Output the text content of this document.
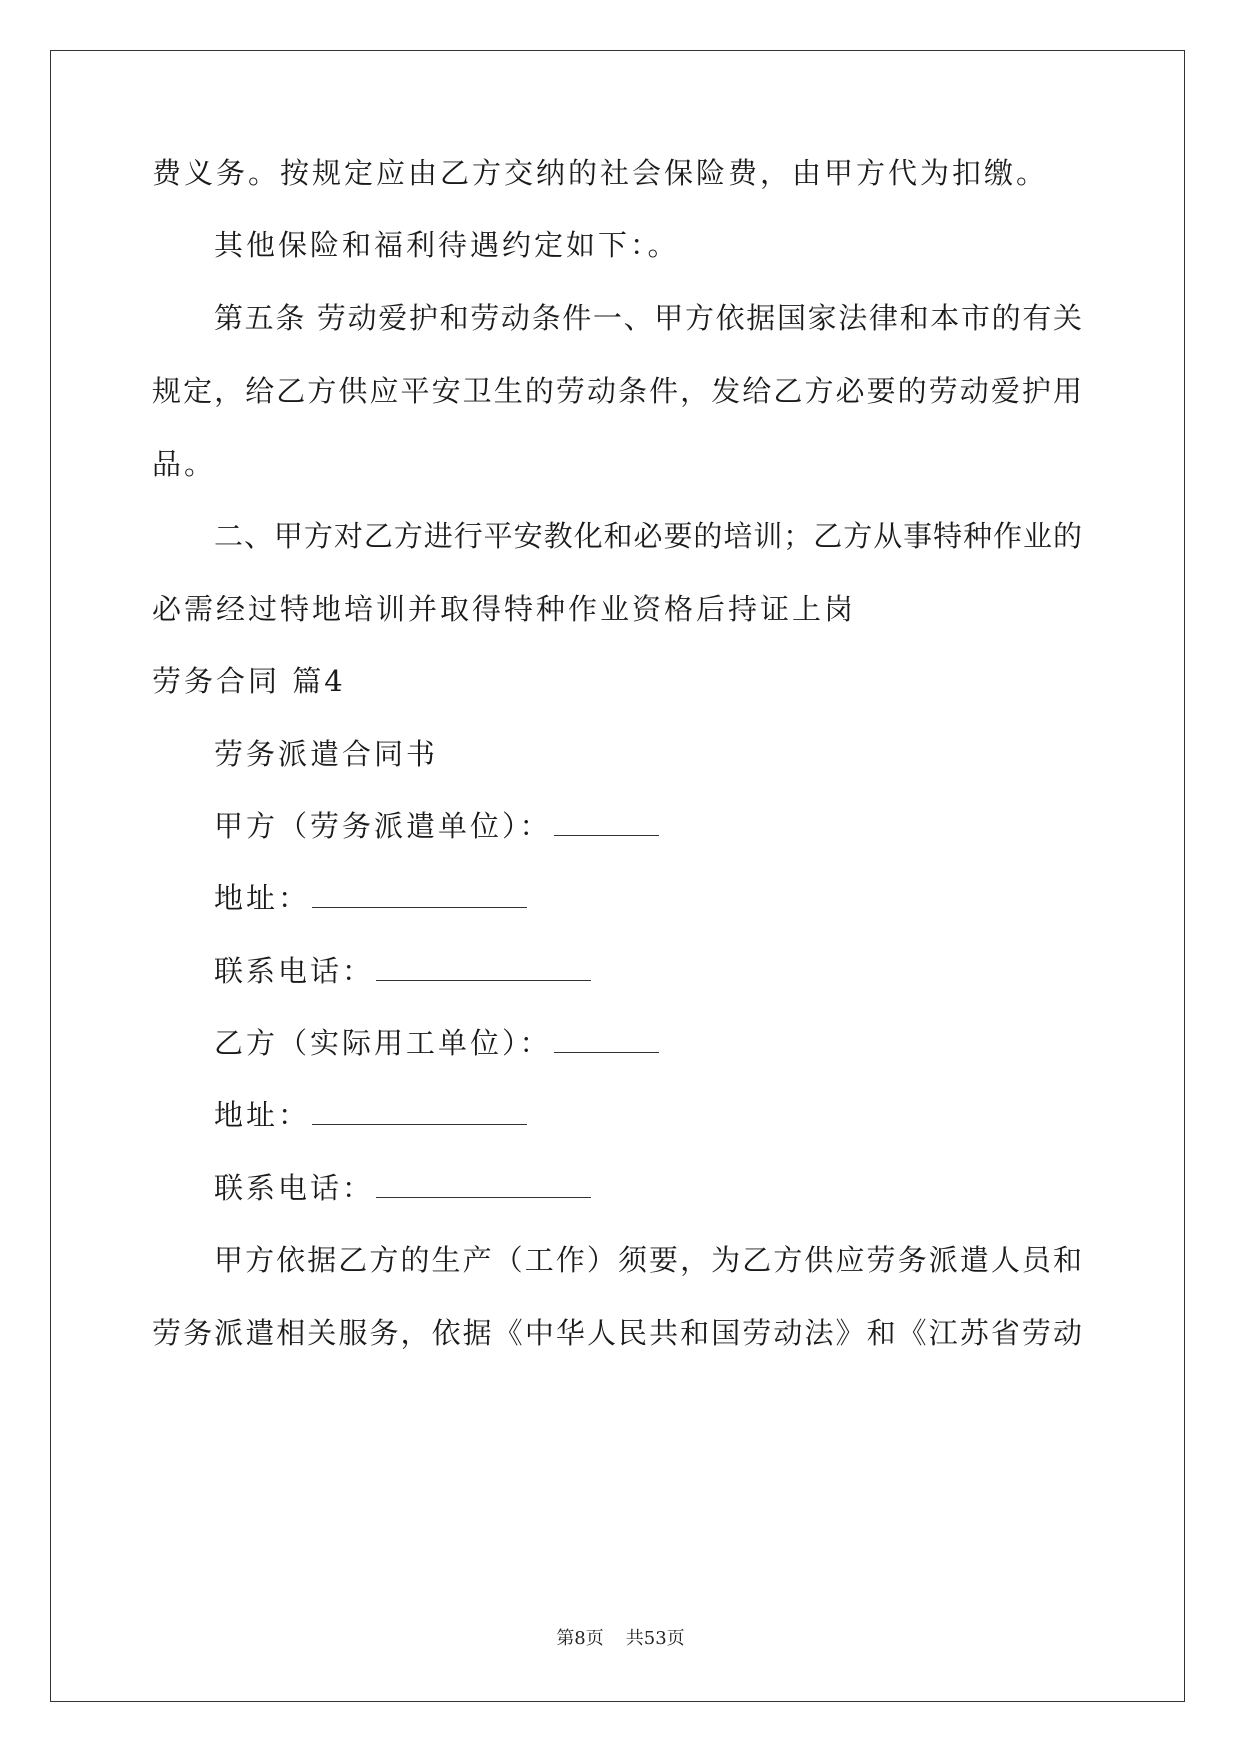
费义务。按规定应由乙方交纳的社会保险费，由甲方代为扣缴。
其他保险和福利待遇约定如下：。
第五条 劳动爱护和劳动条件一、甲方依据国家法律和本市的有关
规定，给乙方供应平安卫生的劳动条件，发给乙方必要的劳动爱护用
品。
二、甲方对乙方进行平安教化和必要的培训；乙方从事特种作业的
必需经过特地培训并取得特种作业资格后持证上岗
劳务合同 篇4
劳务派遣合同书
甲方（劳务派遣单位）：
地址：
联系电话：
乙方（实际用工单位）：
地址：
联系电话：
甲方依据乙方的生产（工作）须要，为乙方供应劳务派遣人员和
劳务派遣相关服务，依据《中华人民共和国劳动法》和《江苏省劳动
第8页 共53页
